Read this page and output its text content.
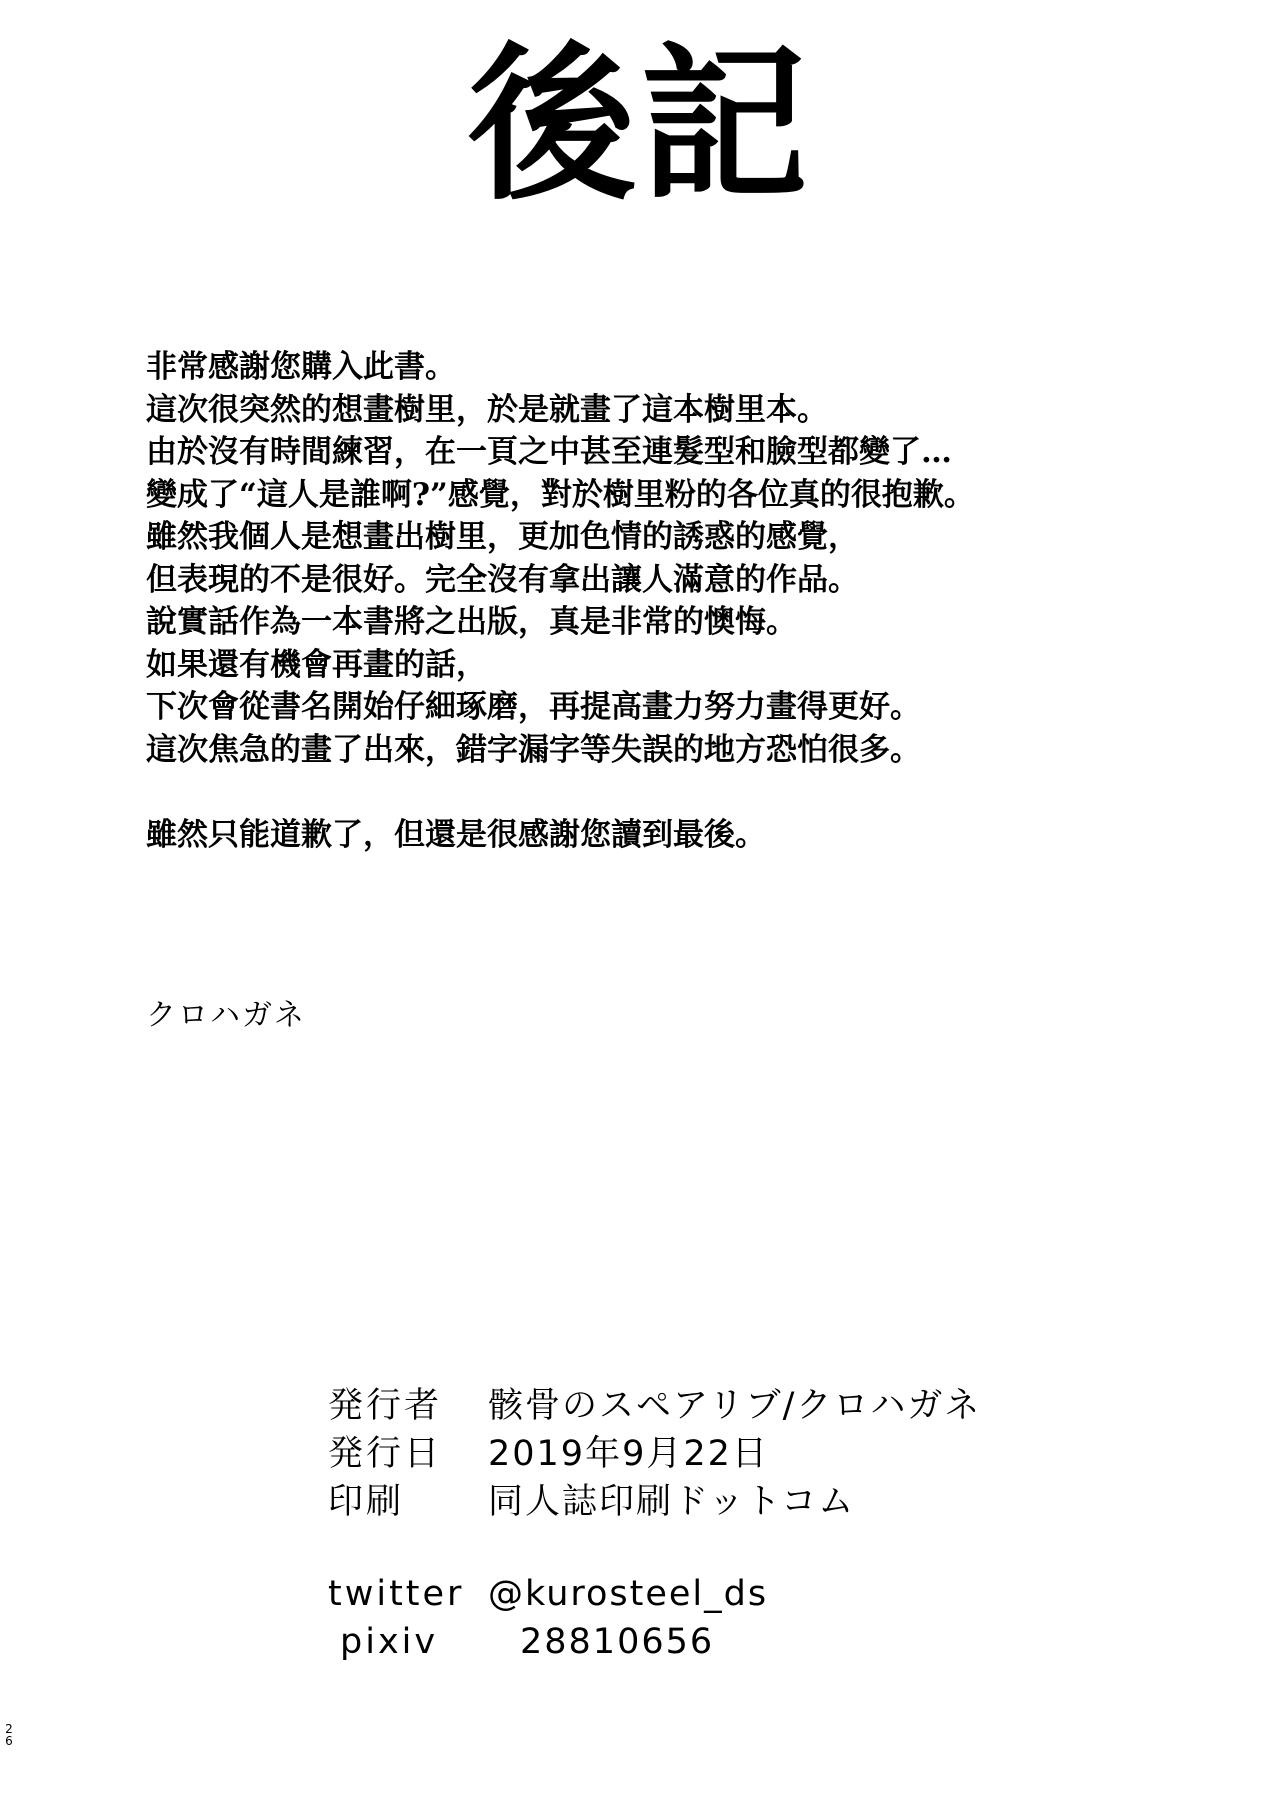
後記
非常感謝您購入此書。
這次很突然的想畫樹里，於是就畫了這本樹里本。
由於沒有時間練習，在一頁之中甚至連髮型和臉型都變了…
變成了“這人是誰啊?”感覺，對於樹里粉的各位真的很抱歉。
雖然我個人是想畫出樹里，更加色情的誘惑的感覺，
但表現的不是很好。完全沒有拿出讓人滿意的作品。
說實話作為一本書將之出版，真是非常的懊悔。
如果還有機會再畫的話，
下次會從書名開始仔細琢磨，再提高畫力努力畫得更好。
這次焦急的畫了出來，錯字漏字等失誤的地方恐怕很多。
雖然只能道歉了，但還是很感謝您讀到最後。
クロハガネ
発行者	骸骨のスペアリブ/クロハガネ
発行日	2019年9月22日
印刷	同人誌印刷ドットコム
twitter @kurosteel_ds
pixiv	28810656
26
